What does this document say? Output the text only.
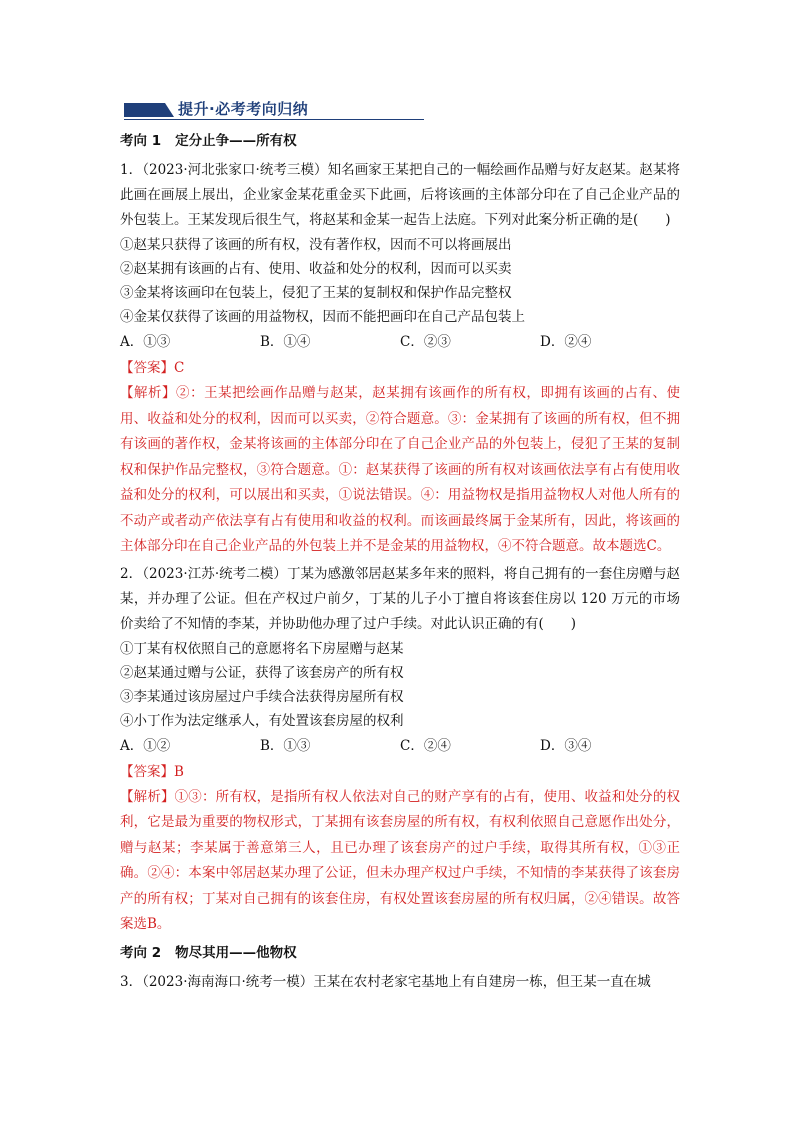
提升·必考考向归纳
考向 1 定分止争——所有权

1．（2023·河北张家口·统考三模）知名画家王某把自己的一幅绘画作品赠与好友赵某。赵某将此画在画展上展出，企业家金某花重金买下此画，后将该画的主体部分印在了自己企业产品的外包装上。王某发现后很生气，将赵某和金某一起告上法庭。下列对此案分析正确的是(　　)

①赵某只获得了该画的所有权，没有著作权，因而不可以将画展出

②赵某拥有该画的占有、使用、收益和处分的权利，因而可以买卖

③金某将该画印在包装上，侵犯了王某的复制权和保护作品完整权

④金某仅获得了该画的用益物权，因而不能把画印在自己产品包装上

A．①③	B．①④	C．②③	D．②④
【答案】C
【解析】②：王某把绘画作品赠与赵某，赵某拥有该画作的所有权，即拥有该画的占有、使用、收益和处分的权利，因而可以买卖，②符合题意。③：金某拥有了该画的所有权，但不拥有该画的著作权，金某将该画的主体部分印在了自己企业产品的外包装上，侵犯了王某的复制权和保护作品完整权，③符合题意。①：赵某获得了该画的所有权对该画依法享有占有使用收益和处分的权利，可以展出和买卖，①说法错误。④：用益物权是指用益物权人对他人所有的不动产或者动产依法享有占有使用和收益的权利。而该画最终属于金某所有，因此，将该画的主体部分印在自己企业产品的外包装上并不是金某的用益物权，④不符合题意。故本题选C。

2．（2023·江苏·统考二模）丁某为感激邻居赵某多年来的照料，将自己拥有的一套住房赠与赵某，并办理了公证。但在产权过户前夕，丁某的儿子小丁擅自将该套住房以 120 万元的市场价卖给了不知情的李某，并协助他办理了过户手续。对此认识正确的有(　　)

①丁某有权依照自己的意愿将名下房屋赠与赵某

②赵某通过赠与公证，获得了该套房产的所有权

③李某通过该房屋过户手续合法获得房屋所有权

④小丁作为法定继承人，有处置该套房屋的权利

A．①②	B．①③	C．②④	D．③④
【答案】B
【解析】①③：所有权，是指所有权人依法对自己的财产享有的占有，使用、收益和处分的权利，它是最为重要的物权形式，丁某拥有该套房屋的所有权，有权利依照自己意愿作出处分，赠与赵某；李某属于善意第三人，且已办理了该套房产的过户手续，取得其所有权，①③正确。②④：本案中邻居赵某办理了公证，但未办理产权过户手续，不知情的李某获得了该套房产的所有权；丁某对自己拥有的该套住房，有权处置该套房屋的所有权归属，②④错误。故答案选B。
考向 2 物尽其用——他物权

3．（2023·海南海口·统考一模）王某在农村老家宅基地上有自建房一栋，但王某一直在城
